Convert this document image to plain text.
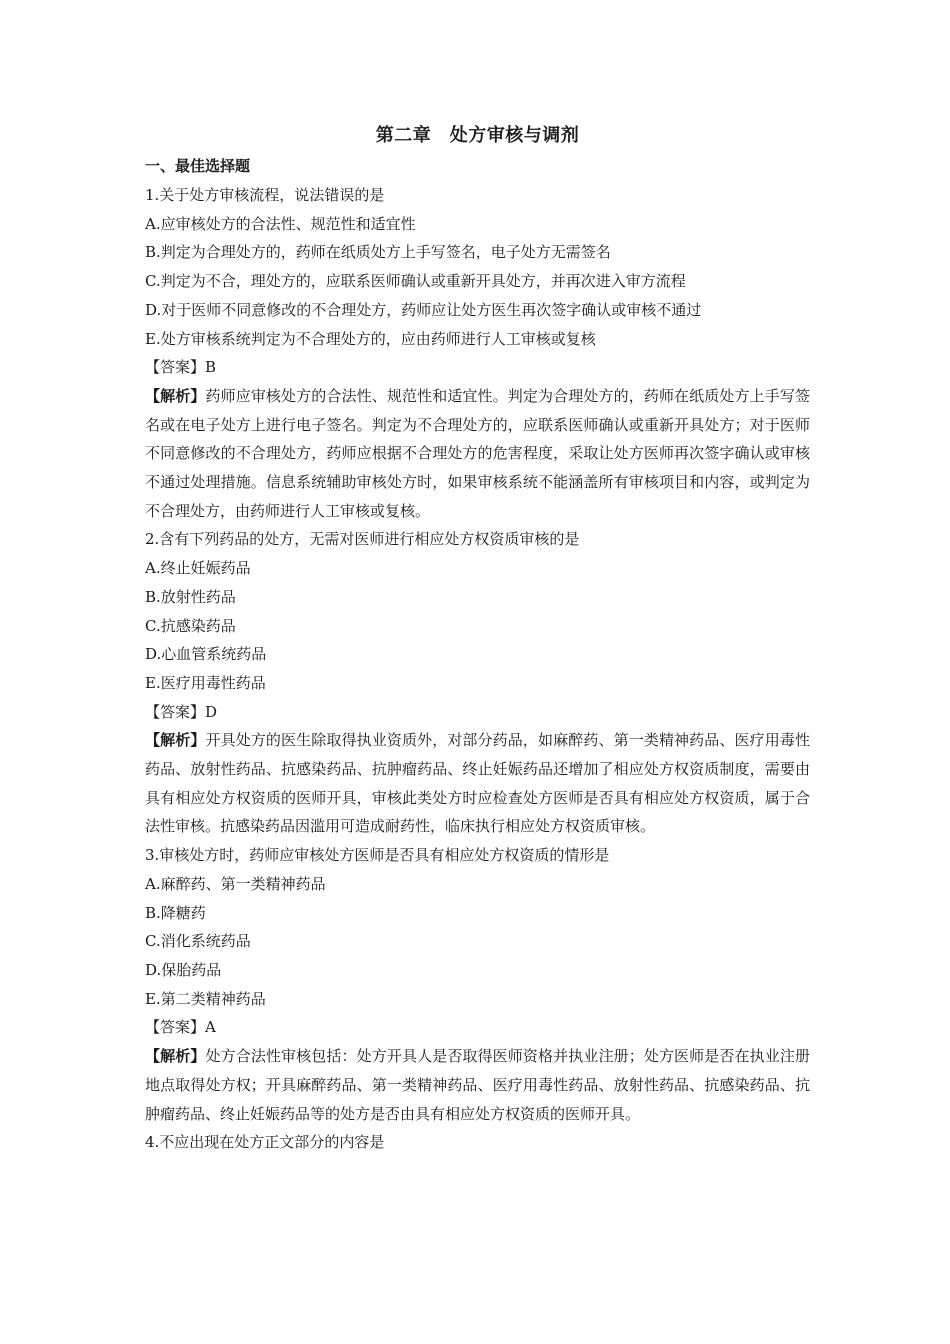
第二章　处方审核与调剂
一、最佳选择题
1.关于处方审核流程，说法错误的是
A.应审核处方的合法性、规范性和适宜性
B.判定为合理处方的，药师在纸质处方上手写签名，电子处方无需签名
C.判定为不合，理处方的，应联系医师确认或重新开具处方，并再次进入审方流程
D.对于医师不同意修改的不合理处方，药师应让处方医生再次签字确认或审核不通过
E.处方审核系统判定为不合理处方的，应由药师进行人工审核或复核
【答案】B
【解析】药师应审核处方的合法性、规范性和适宜性。判定为合理处方的，药师在纸质处方上手写签名或在电子处方上进行电子签名。判定为不合理处方的，应联系医师确认或重新开具处方；对于医师不同意修改的不合理处方，药师应根据不合理处方的危害程度，采取让处方医师再次签字确认或审核不通过处理措施。信息系统辅助审核处方时，如果审核系统不能涵盖所有审核项目和内容，或判定为不合理处方，由药师进行人工审核或复核。
2.含有下列药品的处方，无需对医师进行相应处方权资质审核的是
A.终止妊娠药品
B.放射性药品
C.抗感染药品
D.心血管系统药品
E.医疗用毒性药品
【答案】D
【解析】开具处方的医生除取得执业资质外，对部分药品，如麻醉药、第一类精神药品、医疗用毒性药品、放射性药品、抗感染药品、抗肿瘤药品、终止妊娠药品还增加了相应处方权资质制度，需要由具有相应处方权资质的医师开具，审核此类处方时应检查处方医师是否具有相应处方权资质，属于合法性审核。抗感染药品因滥用可造成耐药性，临床执行相应处方权资质审核。
3.审核处方时，药师应审核处方医师是否具有相应处方权资质的情形是
A.麻醉药、第一类精神药品
B.降糖药
C.消化系统药品
D.保胎药品
E.第二类精神药品
【答案】A
【解析】处方合法性审核包括：处方开具人是否取得医师资格并执业注册；处方医师是否在执业注册地点取得处方权；开具麻醉药品、第一类精神药品、医疗用毒性药品、放射性药品、抗感染药品、抗肿瘤药品、终止妊娠药品等的处方是否由具有相应处方权资质的医师开具。
4.不应出现在处方正文部分的内容是
